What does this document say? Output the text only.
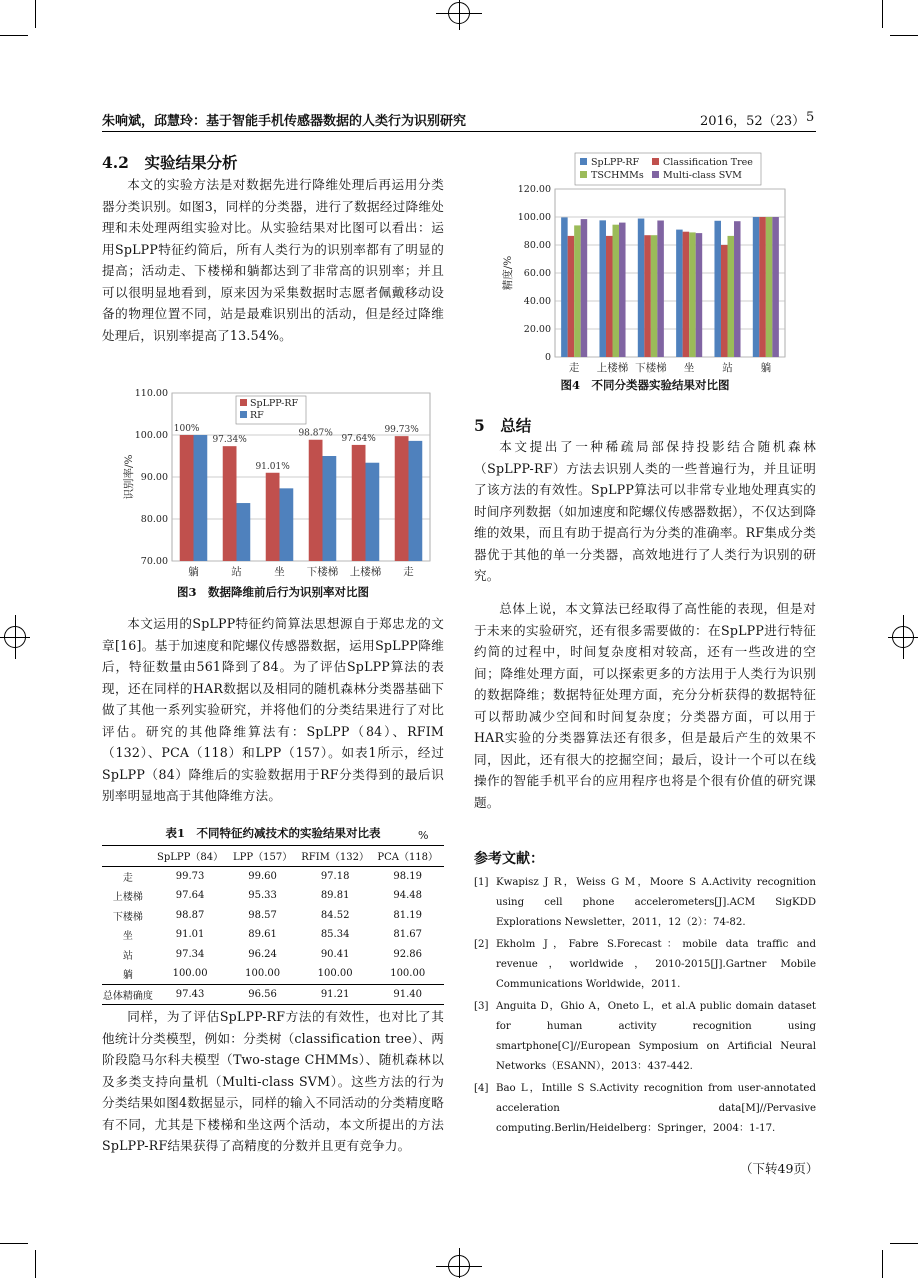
朱响斌，邱慧玲：基于智能手机传感器数据的人类行为识别研究	2016，52（23） 5
4.2　实验结果分析

本文的实验方法是对数据先进行降维处理后再运用分类器分类识别。如图3，同样的分类器，进行了数据经过降维处理和未处理两组实验对比。从实验结果对比图可以看出：运用SpLPP特征约简后，所有人类行为的识别率都有了明显的提高；活动走、下楼梯和躺都达到了非常高的识别率；并且可以很明显地看到，原来因为采集数据时志愿者佩戴移动设备的物理位置不同，站是最难识别出的活动，但是经过降维处理后，识别率提高了13.54%。

70.00
80.00
90.00
100.00
110.00
躺
100%
站
97.34%
坐
91.01%
下楼梯
98.87%
上楼梯
97.64%
走
99.73%
识别率/%
SpLPP-RF
RF
图3　数据降维前后行为识别率对比图

本文运用的SpLPP特征约简算法思想源自于郑忠龙的文章[16]。基于加速度和陀螺仪传感器数据，运用SpLPP降维后，特征数量由561降到了84。为了评估SpLPP算法的表现，还在同样的HAR数据以及相同的随机森林分类器基础下做了其他一系列实验研究，并将他们的分类结果进行了对比评估。研究的其他降维算法有：SpLPP（84）、RFIM（132）、PCA（118）和LPP（157）。如表1所示，经过SpLPP（84）降维后的实验数据用于RF分类得到的最后识别率明显地高于其他降维方法。

表1　不同特征约减技术的实验结果对比表	%
	SpLPP（84）	LPP（157）	RFIM（132）	PCA（118）
走	99.73	99.60	97.18	98.19
上楼梯	97.64	95.33	89.81	94.48
下楼梯	98.87	98.57	84.52	81.19
坐	91.01	89.61	85.34	81.67
站	97.34	96.24	90.41	92.86
躺	100.00	100.00	100.00	100.00
总体精确度	97.43	96.56	91.21	91.40

同样，为了评估SpLPP-RF方法的有效性，也对比了其他统计分类模型，例如：分类树（classification tree）、两阶段隐马尔科夫模型（Two-stage CHMMs）、随机森林以及多类支持向量机（Multi-class SVM）。这些方法的行为分类结果如图4数据显示，同样的输入不同活动的分类精度略有不同，尤其是下楼梯和坐这两个活动，本文所提出的方法SpLPP-RF结果获得了高精度的分数并且更有竞争力。

0
20.00
40.00
60.00
80.00
100.00
120.00
走 上楼梯 下楼梯 坐	站	躺
精度/%
SpLPP-RF	Classification Tree
TSCHMMs Multi-class SVM
图4　不同分类器实验结果对比图
5　总结

本文提出了一种稀疏局部保持投影结合随机森林（SpLPP-RF）方法去识别人类的一些普遍行为，并且证明了该方法的有效性。SpLPP算法可以非常专业地处理真实的时间序列数据（如加速度和陀螺仪传感器数据），不仅达到降维的效果，而且有助于提高行为分类的准确率。RF集成分类器优于其他的单一分类器，高效地进行了人类行为识别的研究。

总体上说，本文算法已经取得了高性能的表现，但是对于未来的实验研究，还有很多需要做的：在SpLPP进行特征约简的过程中，时间复杂度相对较高，还有一些改进的空间；降维处理方面，可以探索更多的方法用于人类行为识别的数据降维；数据特征处理方面，充分分析获得的数据特征可以帮助减少空间和时间复杂度；分类器方面，可以用于HAR实验的分类器算法还有很多，但是最后产生的效果不同，因此，还有很大的挖掘空间；最后，设计一个可以在线操作的智能手机平台的应用程序也将是个很有价值的研究课题。

参考文献：
[1] Kwapisz J R，Weiss G M，Moore S A.Activity recognition using cell phone accelerometers[J].ACM SigKDD Explorations Newsletter，2011，12（2）：74-82.
[2] Ekholm J，Fabre S.Forecast：mobile data traffic and revenue，worldwide，2010-2015[J].Gartner Mobile Communications Worldwide，2011.
[3] Anguita D，Ghio A，Oneto L，et al.A public domain dataset for human activity recognition using smartphone[C]//European Symposium on Artificial Neural Networks（ESANN），2013：437-442.
[4] Bao L，Intille S S.Activity recognition from user-annotated acceleration data[M]//Pervasive computing.Berlin/Heidelberg：Springer，2004：1-17.
（下转49页）
